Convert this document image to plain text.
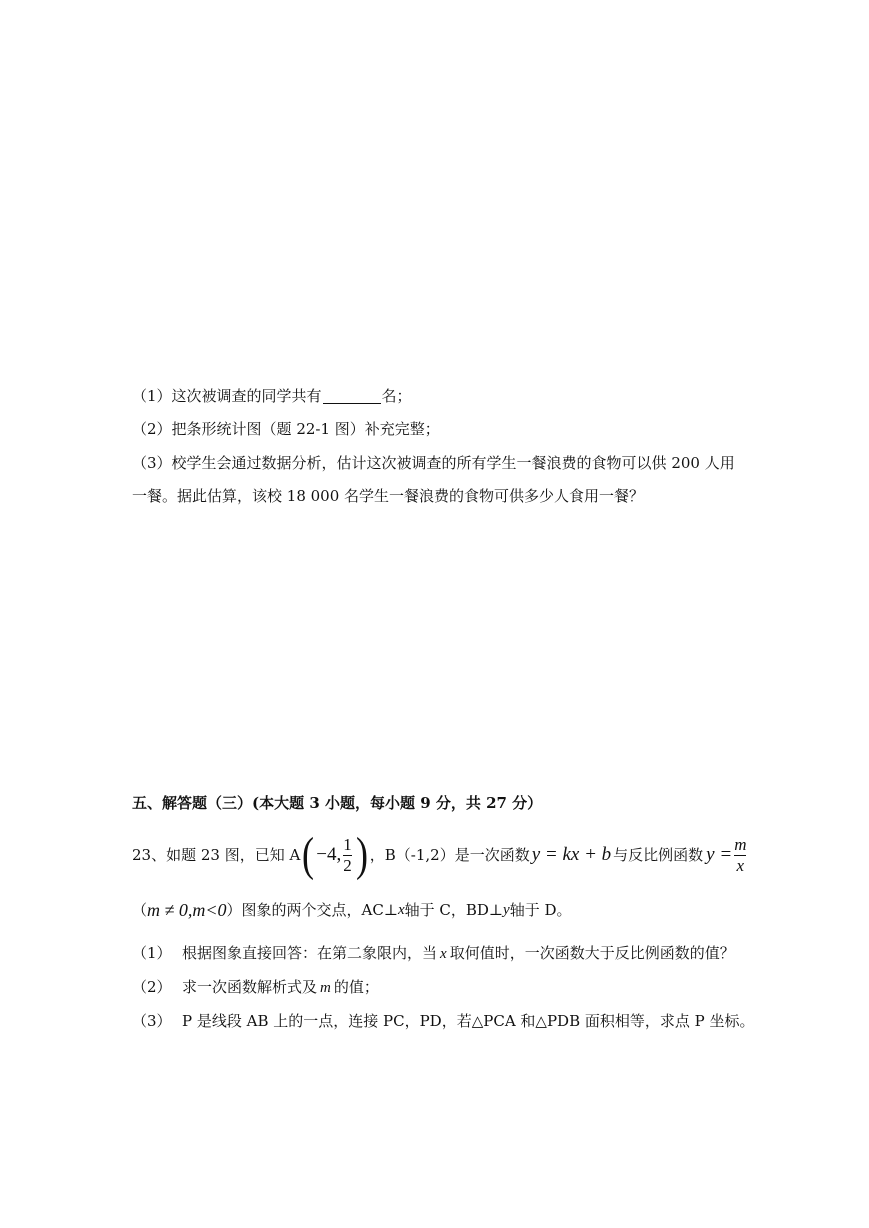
（1）这次被调查的同学共有	名；
（2）把条形统计图（题 22-1 图）补充完整；
（3）校学生会通过数据分析，估计这次被调查的所有学生一餐浪费的食物可以供 200 人用
一餐。据此估算，该校 18 000 名学生一餐浪费的食物可供多少人食用一餐？
五、解答题（三）(本大题 3 小题，每小题 9 分，共 27 分）
23、如题 23 图，已知 A ( −4, $\frac{1}{2}$ ) ，B（-1,2）是一次函数 y = kx + b 与反比例函数 $y = \frac{m}{x}$
（ m ≠ 0,m<0 ）图象的两个交点，AC⊥ x 轴于 C，BD⊥ y 轴于 D。
（1） 根据图象直接回答：在第二象限内，当 x 取何值时，一次函数大于反比例函数的值？
（2） 求一次函数解析式及 m 的值；
（3） P 是线段 AB 上的一点，连接 PC，PD，若△PCA 和△PDB 面积相等，求点 P 坐标。
